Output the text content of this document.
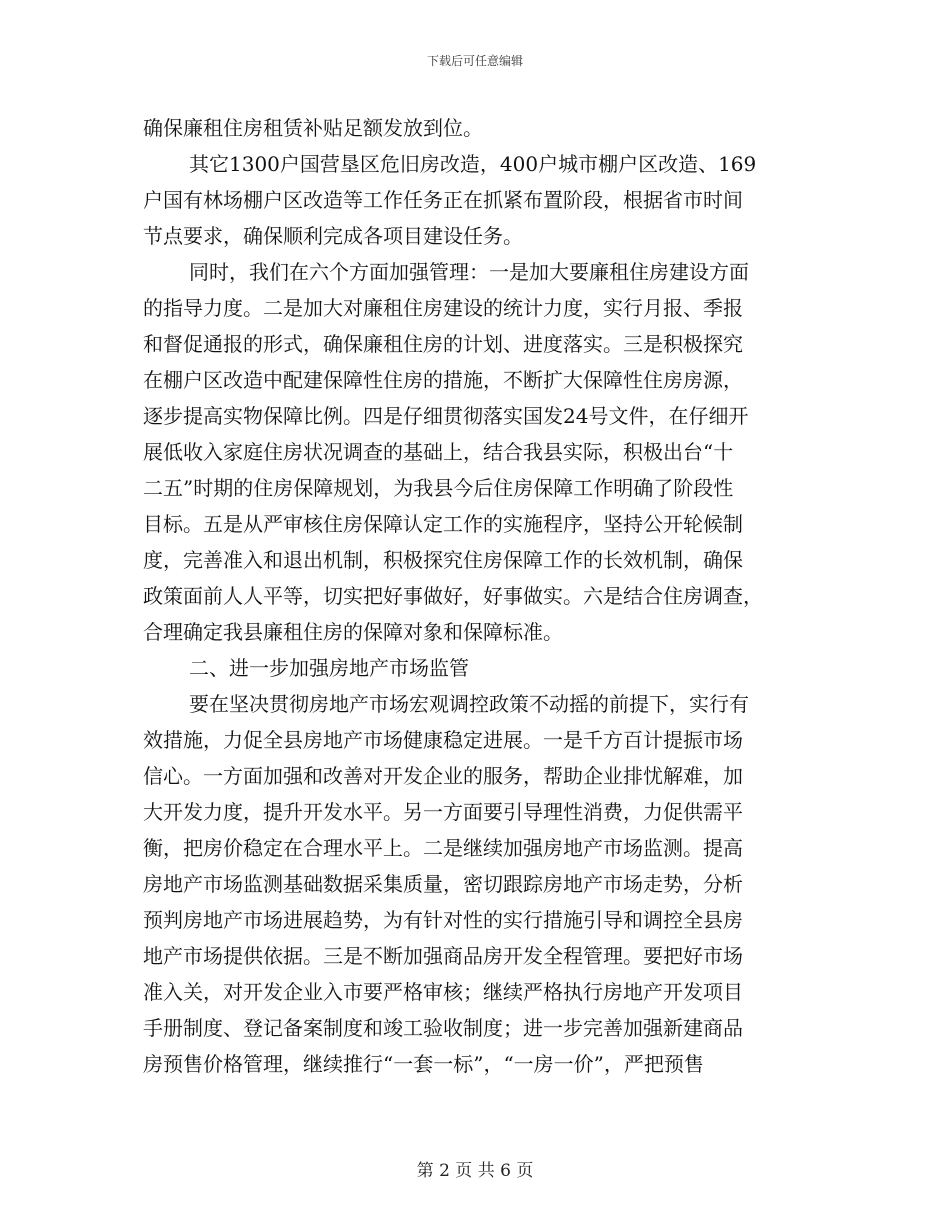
下载后可任意编辑
确保廉租住房租赁补贴足额发放到位。
其它1300户国营垦区危旧房改造，400户城市棚户区改造、169
户国有林场棚户区改造等工作任务正在抓紧布置阶段，根据省市时间
节点要求，确保顺利完成各项目建设任务。
同时，我们在六个方面加强管理：一是加大要廉租住房建设方面
的指导力度。二是加大对廉租住房建设的统计力度，实行月报、季报
和督促通报的形式，确保廉租住房的计划、进度落实。三是积极探究
在棚户区改造中配建保障性住房的措施，不断扩大保障性住房房源，
逐步提高实物保障比例。四是仔细贯彻落实国发24号文件，在仔细开
展低收入家庭住房状况调查的基础上，结合我县实际，积极出台“十
二五”时期的住房保障规划，为我县今后住房保障工作明确了阶段性
目标。五是从严审核住房保障认定工作的实施程序，坚持公开轮候制
度，完善准入和退出机制，积极探究住房保障工作的长效机制，确保
政策面前人人平等，切实把好事做好，好事做实。六是结合住房调查，
合理确定我县廉租住房的保障对象和保障标准。
二、进一步加强房地产市场监管
要在坚决贯彻房地产市场宏观调控政策不动摇的前提下，实行有
效措施，力促全县房地产市场健康稳定进展。一是千方百计提振市场
信心。一方面加强和改善对开发企业的服务，帮助企业排忧解难，加
大开发力度，提升开发水平。另一方面要引导理性消费，力促供需平
衡，把房价稳定在合理水平上。二是继续加强房地产市场监测。提高
房地产市场监测基础数据采集质量，密切跟踪房地产市场走势，分析
预判房地产市场进展趋势，为有针对性的实行措施引导和调控全县房
地产市场提供依据。三是不断加强商品房开发全程管理。要把好市场
准入关，对开发企业入市要严格审核；继续严格执行房地产开发项目
手册制度、登记备案制度和竣工验收制度；进一步完善加强新建商品
房预售价格管理，继续推行“一套一标”，“一房一价”，严把预售
第 2 页 共 6 页
